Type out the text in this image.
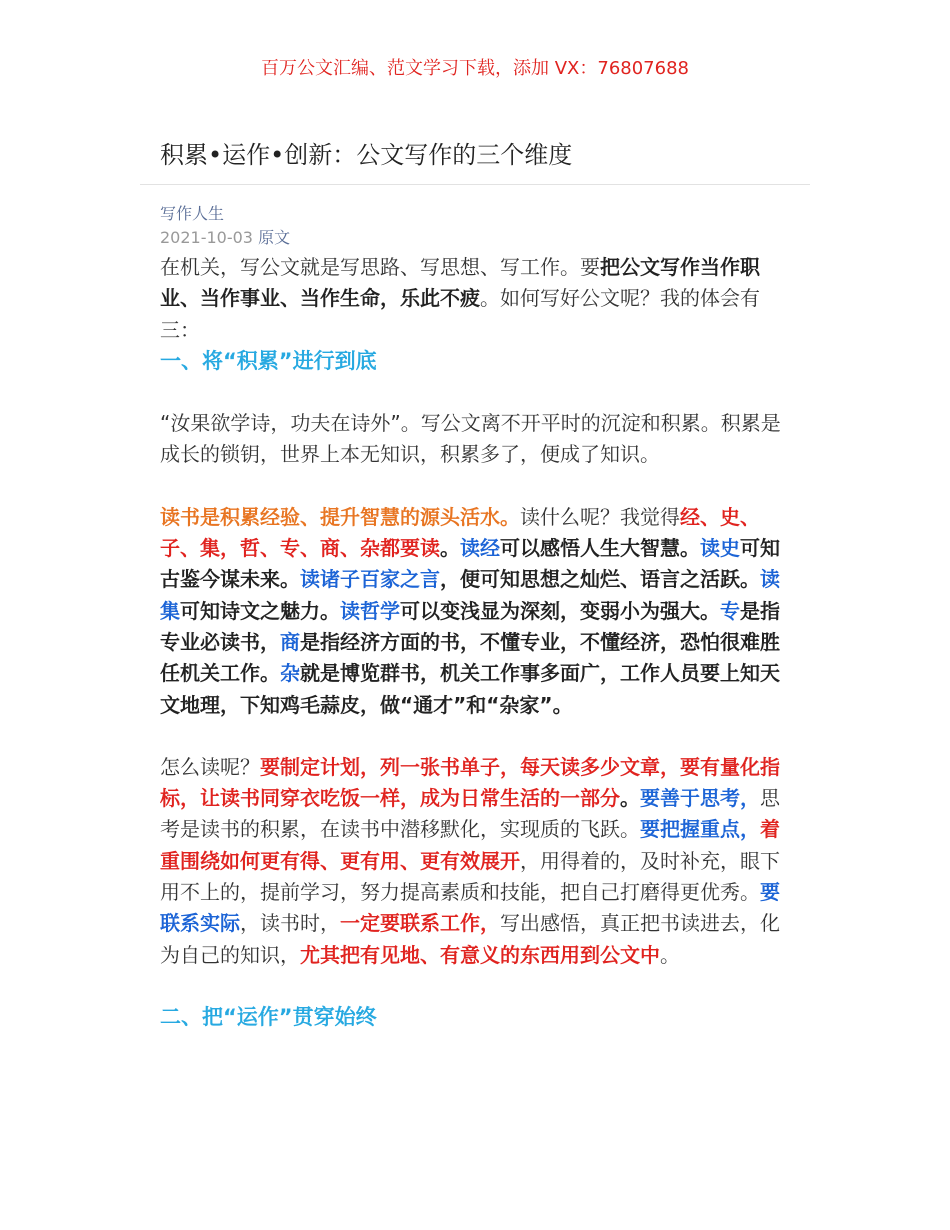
百万公文汇编、范文学习下载，添加 VX：76807688
积累•运作•创新：公文写作的三个维度
写作人生
2021-10-03 原文

在机关，写公文就是写思路、写思想、写工作。要把公文写作当作职业、当作事业、当作生命，乐此不疲。如何写好公文呢？我的体会有三：

一、将“积累”进行到底

“汝果欲学诗，功夫在诗外”。写公文离不开平时的沉淀和积累。积累是成长的锁钥，世界上本无知识，积累多了，便成了知识。

读书是积累经验、提升智慧的源头活水。读什么呢？我觉得经、史、子、集，哲、专、商、杂都要读。读经可以感悟人生大智慧。读史可知古鉴今谋未来。读诸子百家之言，便可知思想之灿烂、语言之活跃。读集可知诗文之魅力。读哲学可以变浅显为深刻，变弱小为强大。专是指专业必读书，商是指经济方面的书，不懂专业，不懂经济，恐怕很难胜任机关工作。杂就是博览群书，机关工作事多面广，工作人员要上知天文地理，下知鸡毛蒜皮，做“通才”和“杂家”。

怎么读呢？要制定计划，列一张书单子，每天读多少文章，要有量化指标，让读书同穿衣吃饭一样，成为日常生活的一部分。要善于思考，思考是读书的积累，在读书中潜移默化，实现质的飞跃。要把握重点，着重围绕如何更有得、更有用、更有效展开，用得着的，及时补充，眼下用不上的，提前学习，努力提高素质和技能，把自己打磨得更优秀。要联系实际，读书时，一定要联系工作，写出感悟，真正把书读进去，化为自己的知识，尤其把有见地、有意义的东西用到公文中。

二、把“运作”贯穿始终
